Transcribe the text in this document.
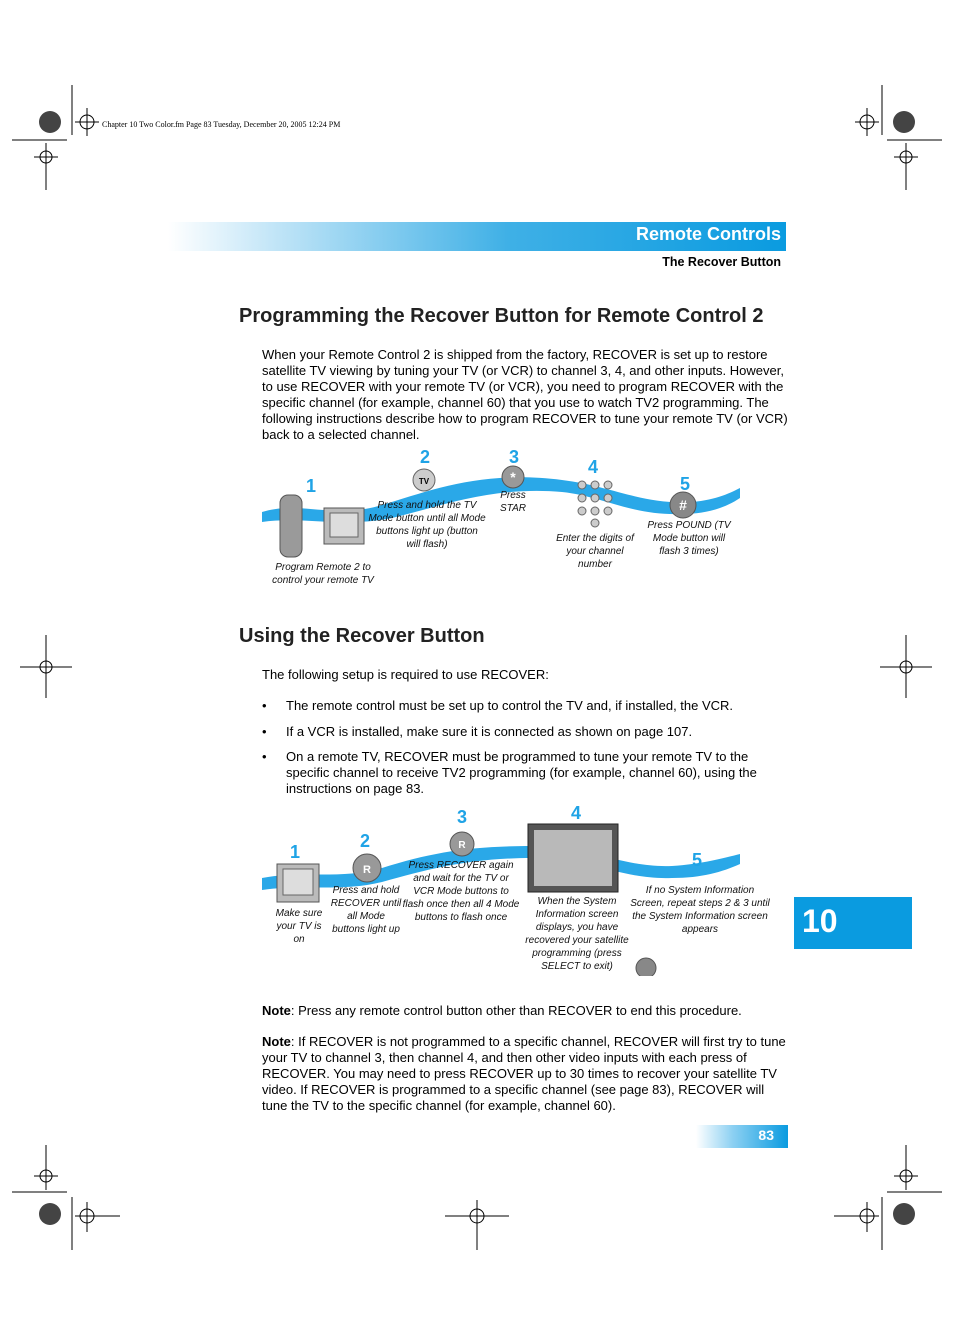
Chapter 10 Two Color.fm Page 83 Tuesday, December 20, 2005 12:24 PM
Remote Controls
The Recover Button
Programming the Recover Button for Remote Control 2
When your Remote Control 2 is shipped from the factory, RECOVER is set up to restore satellite TV viewing by tuning your TV (or VCR) to channel 3, 4, and other inputs. However, to use RECOVER with your remote TV (or VCR), you need to program RECOVER with the specific channel (for example, channel 60) that you use to watch TV2 programming. The following instructions describe how to program RECOVER to tune your remote TV (or VCR) back to a selected channel.
TV	*
#
1
2	3	4
5
Program Remote 2 to control your remote TV
Press and hold the TV Mode button until all Mode buttons light up (button will flash)
Press STAR
Enter the digits of your channel number
Press POUND (TV Mode button will flash 3 times)
Using the Recover Button
The following setup is required to use RECOVER:
• The remote control must be set up to control the TV and, if installed, the VCR.
• If a VCR is installed, make sure it is connected as shown on page 107.
• On a remote TV, RECOVER must be programmed to tune your remote TV to the specific channel to receive TV2 programming (for example, channel 60), using the instructions on page 83.
R
R
1
2
3	4
5
Make sure your TV is on
Press and hold RECOVER until all Mode buttons light up
Press RECOVER again and wait for the TV or VCR Mode buttons to flash once then all 4 Mode buttons to flash once
When the System Information screen displays, you have recovered your satellite programming (press SELECT to exit)
If no System Information Screen, repeat steps 2 & 3 until the System Information screen appears	10
Note: Press any remote control button other than RECOVER to end this procedure.
Note: If RECOVER is not programmed to a specific channel, RECOVER will first try to tune your TV to channel 3, then channel 4, and then other video inputs with each press of RECOVER. You may need to press RECOVER up to 30 times to recover your satellite TV video. If RECOVER is programmed to a specific channel (see page 83), RECOVER will tune the TV to the specific channel (for example, channel 60).
83
